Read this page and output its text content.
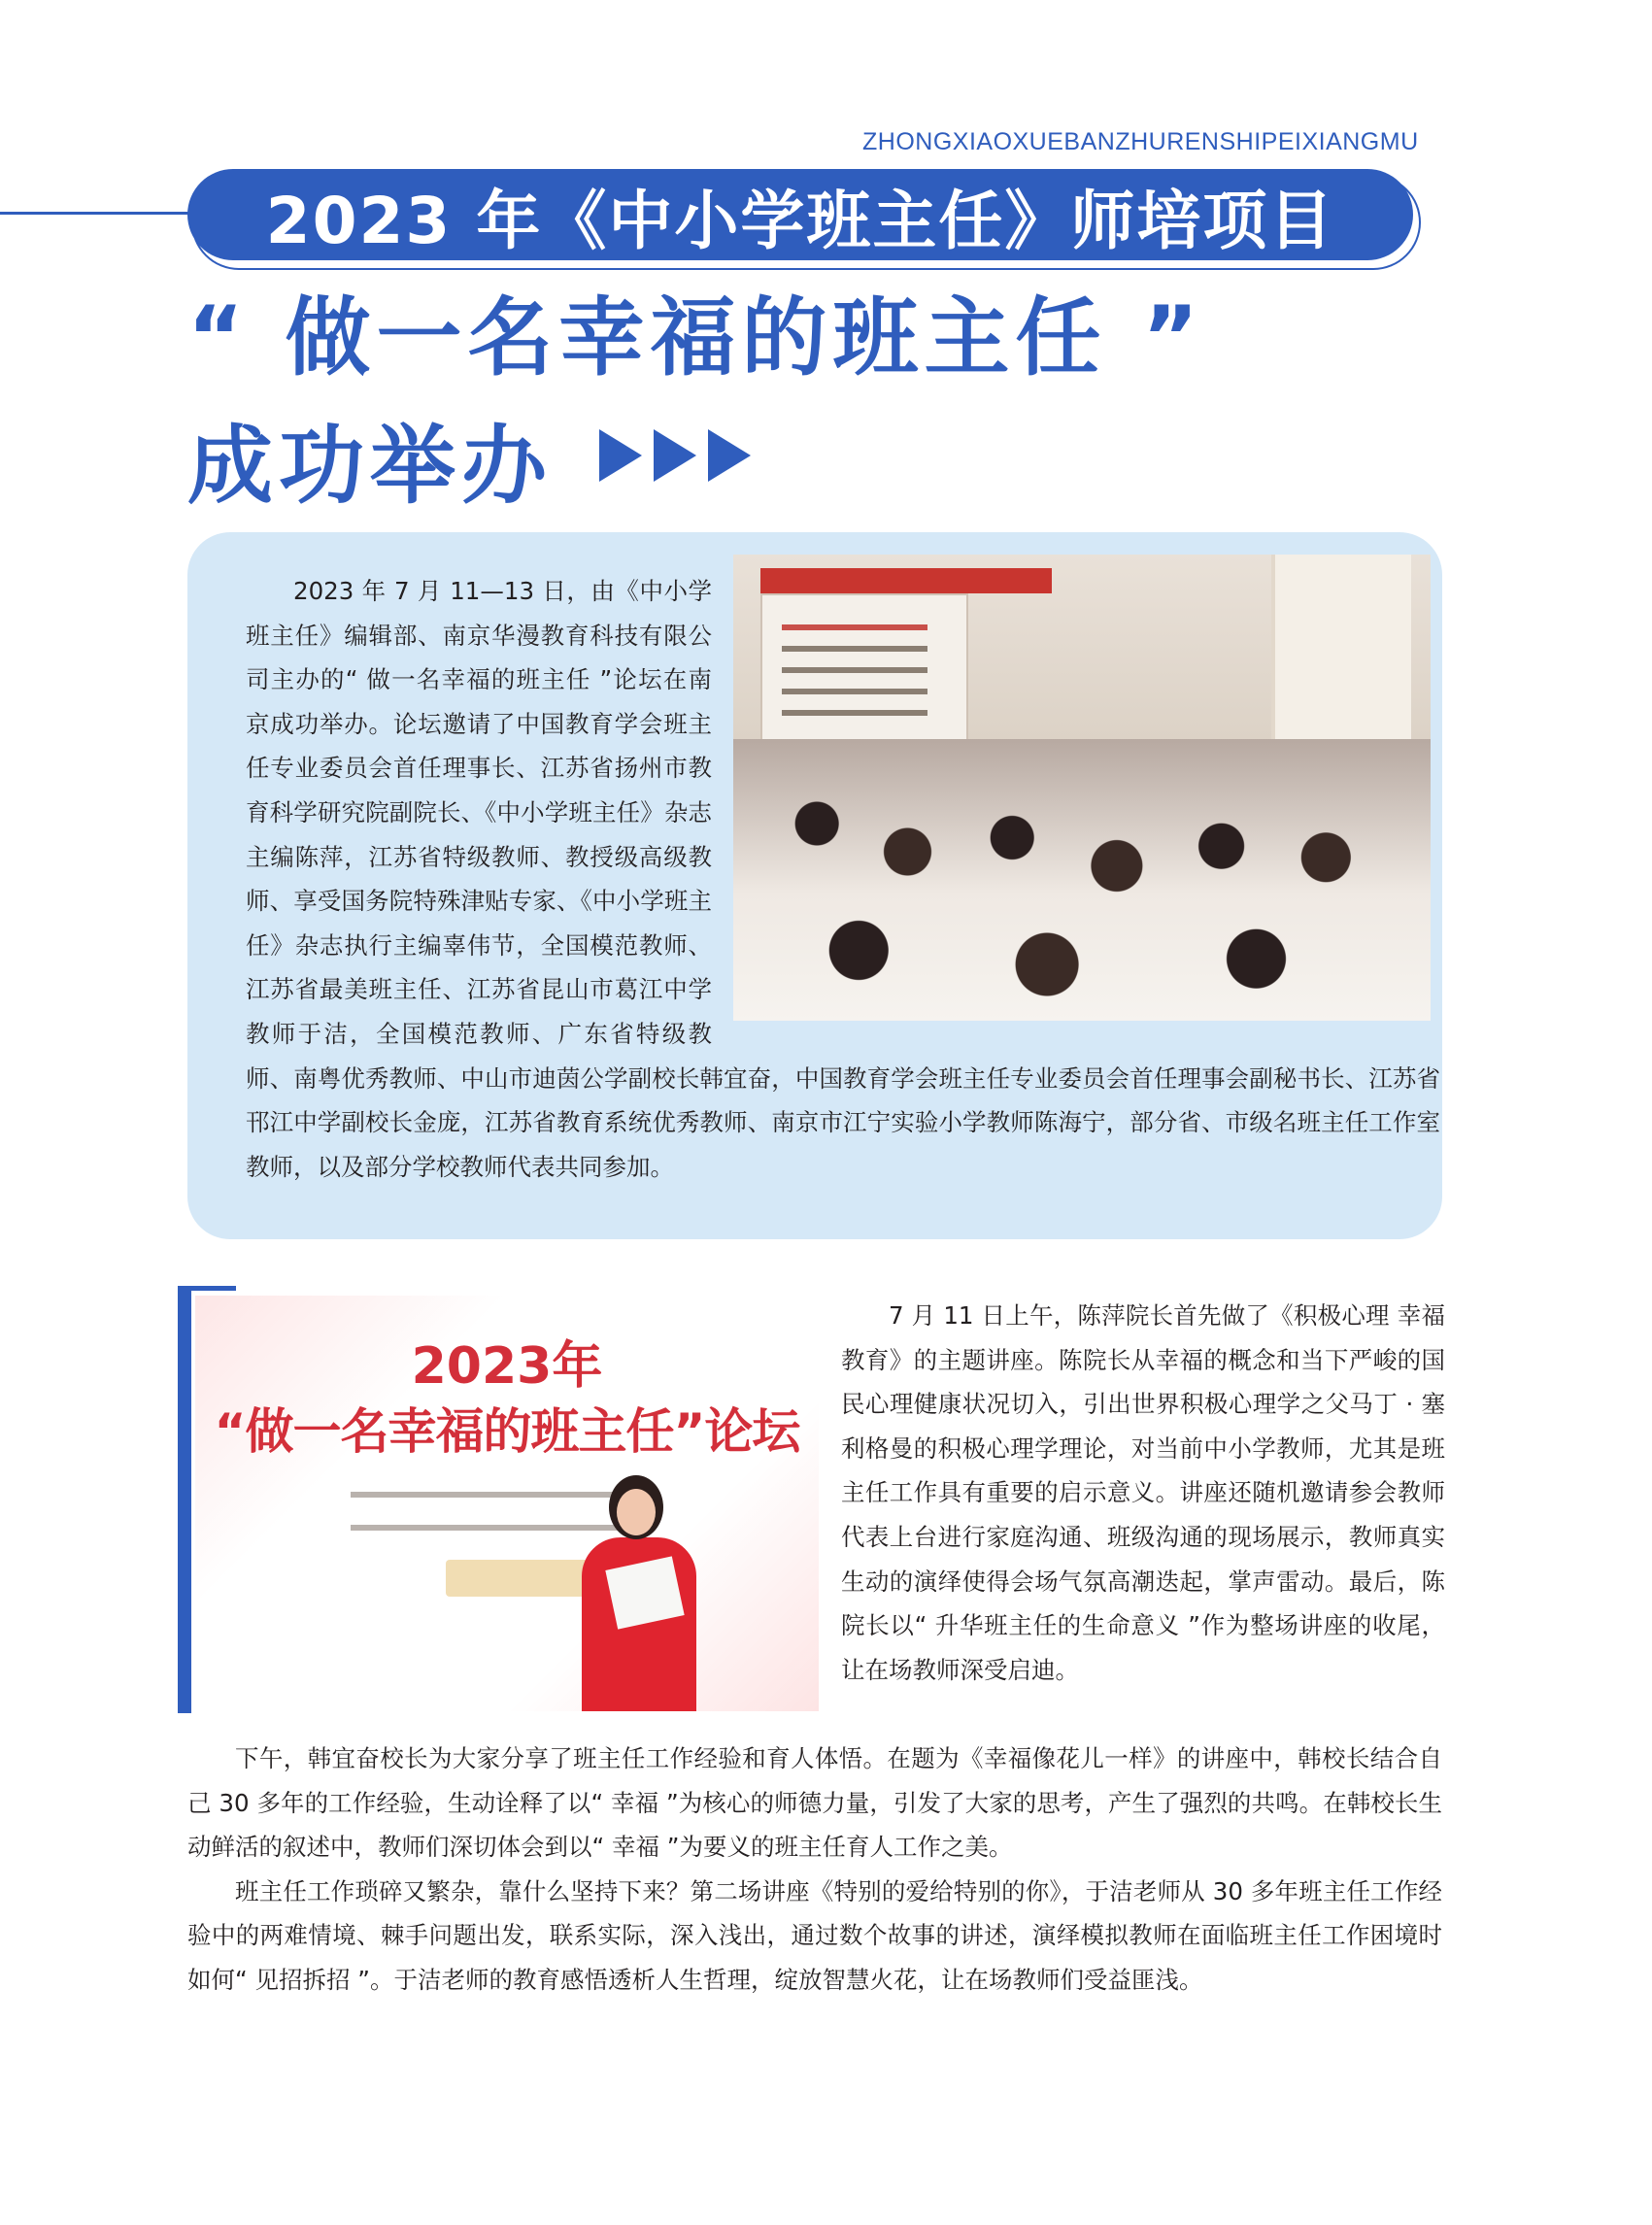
ZHONGXIAOXUEBANZHURENSHIPEIXIANGMU
2023 年《中小学班主任》师培项目
“ 做一名幸福的班主任 ”
成功举办

2023 年 7 月 11—13 日，由《中小学班主任》编辑部、南京华漫教育科技有限公司主办的“ 做一名幸福的班主任 ”论坛在南京成功举办。论坛邀请了中国教育学会班主任专业委员会首任理事长、江苏省扬州市教育科学研究院副院长、《中小学班主任》杂志主编陈萍，江苏省特级教师、教授级高级教师、享受国务院特殊津贴专家、《中小学班主任》杂志执行主编辜伟节，全国模范教师、江苏省最美班主任、江苏省昆山市葛江中学教师于洁，全国模范教师、广东省特级教师、南粤优秀教师、中山市迪茵公学副校长韩宜奋，中国教育学会班主任专业委员会首任理事会副秘书长、江苏省邗江中学副校长金庞，江苏省教育系统优秀教师、南京市江宁实验小学教师陈海宁，部分省、市级名班主任工作室教师，以及部分学校教师代表共同参加。

2023年
“做一名幸福的班主任”论坛

7 月 11 日上午，陈萍院长首先做了《积极心理 幸福教育》的主题讲座。陈院长从幸福的概念和当下严峻的国民心理健康状况切入，引出世界积极心理学之父马丁 · 塞利格曼的积极心理学理论，对当前中小学教师，尤其是班主任工作具有重要的启示意义。讲座还随机邀请参会教师代表上台进行家庭沟通、班级沟通的现场展示，教师真实生动的演绎使得会场气氛高潮迭起，掌声雷动。最后，陈院长以“ 升华班主任的生命意义 ”作为整场讲座的收尾，让在场教师深受启迪。

下午，韩宜奋校长为大家分享了班主任工作经验和育人体悟。在题为《幸福像花儿一样》的讲座中，韩校长结合自己 30 多年的工作经验，生动诠释了以“ 幸福 ”为核心的师德力量，引发了大家的思考，产生了强烈的共鸣。在韩校长生动鲜活的叙述中，教师们深切体会到以“ 幸福 ”为要义的班主任育人工作之美。

班主任工作琐碎又繁杂，靠什么坚持下来？第二场讲座《特别的爱给特别的你》，于洁老师从 30 多年班主任工作经验中的两难情境、棘手问题出发，联系实际，深入浅出，通过数个故事的讲述，演绎模拟教师在面临班主任工作困境时如何“ 见招拆招 ”。于洁老师的教育感悟透析人生哲理，绽放智慧火花，让在场教师们受益匪浅。
